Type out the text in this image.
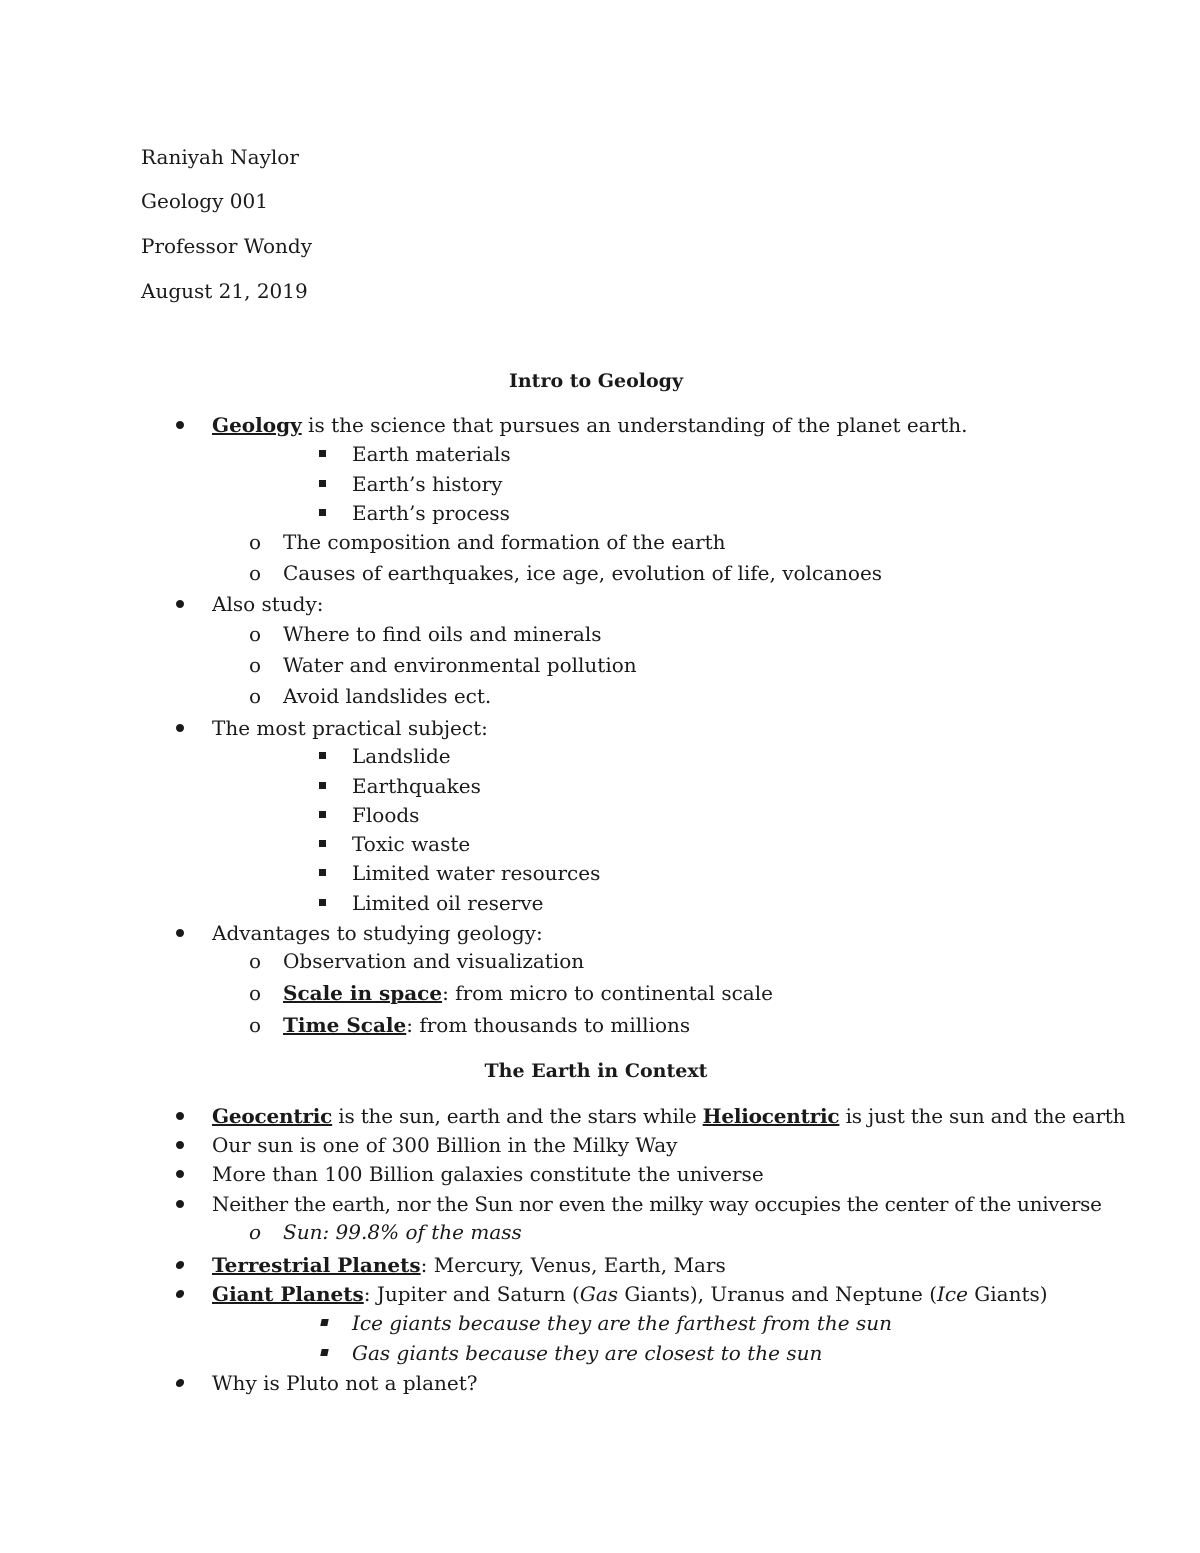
Raniyah Naylor
Geology 001
Professor Wondy
August 21, 2019
Intro to Geology
Geology is the science that pursues an understanding of the planet earth.
Earth materials
Earth’s history
Earth’s process
o The composition and formation of the earth
o Causes of earthquakes, ice age, evolution of life, volcanoes
Also study:
o Where to find oils and minerals
o Water and environmental pollution
o Avoid landslides ect.
The most practical subject:
Landslide
Earthquakes
Floods
Toxic waste
Limited water resources
Limited oil reserve
Advantages to studying geology:
o Observation and visualization
o Scale in space: from micro to continental scale
o Time Scale: from thousands to millions
The Earth in Context
Geocentric is the sun, earth and the stars while Heliocentric is just the sun and the earth
Our sun is one of 300 Billion in the Milky Way
More than 100 Billion galaxies constitute the universe
Neither the earth, nor the Sun nor even the milky way occupies the center of the universe
o Sun: 99.8% of the mass
Terrestrial Planets: Mercury, Venus, Earth, Mars
Giant Planets: Jupiter and Saturn (Gas Giants), Uranus and Neptune (Ice Giants)
Ice giants because they are the farthest from the sun
Gas giants because they are closest to the sun
Why is Pluto not a planet?
